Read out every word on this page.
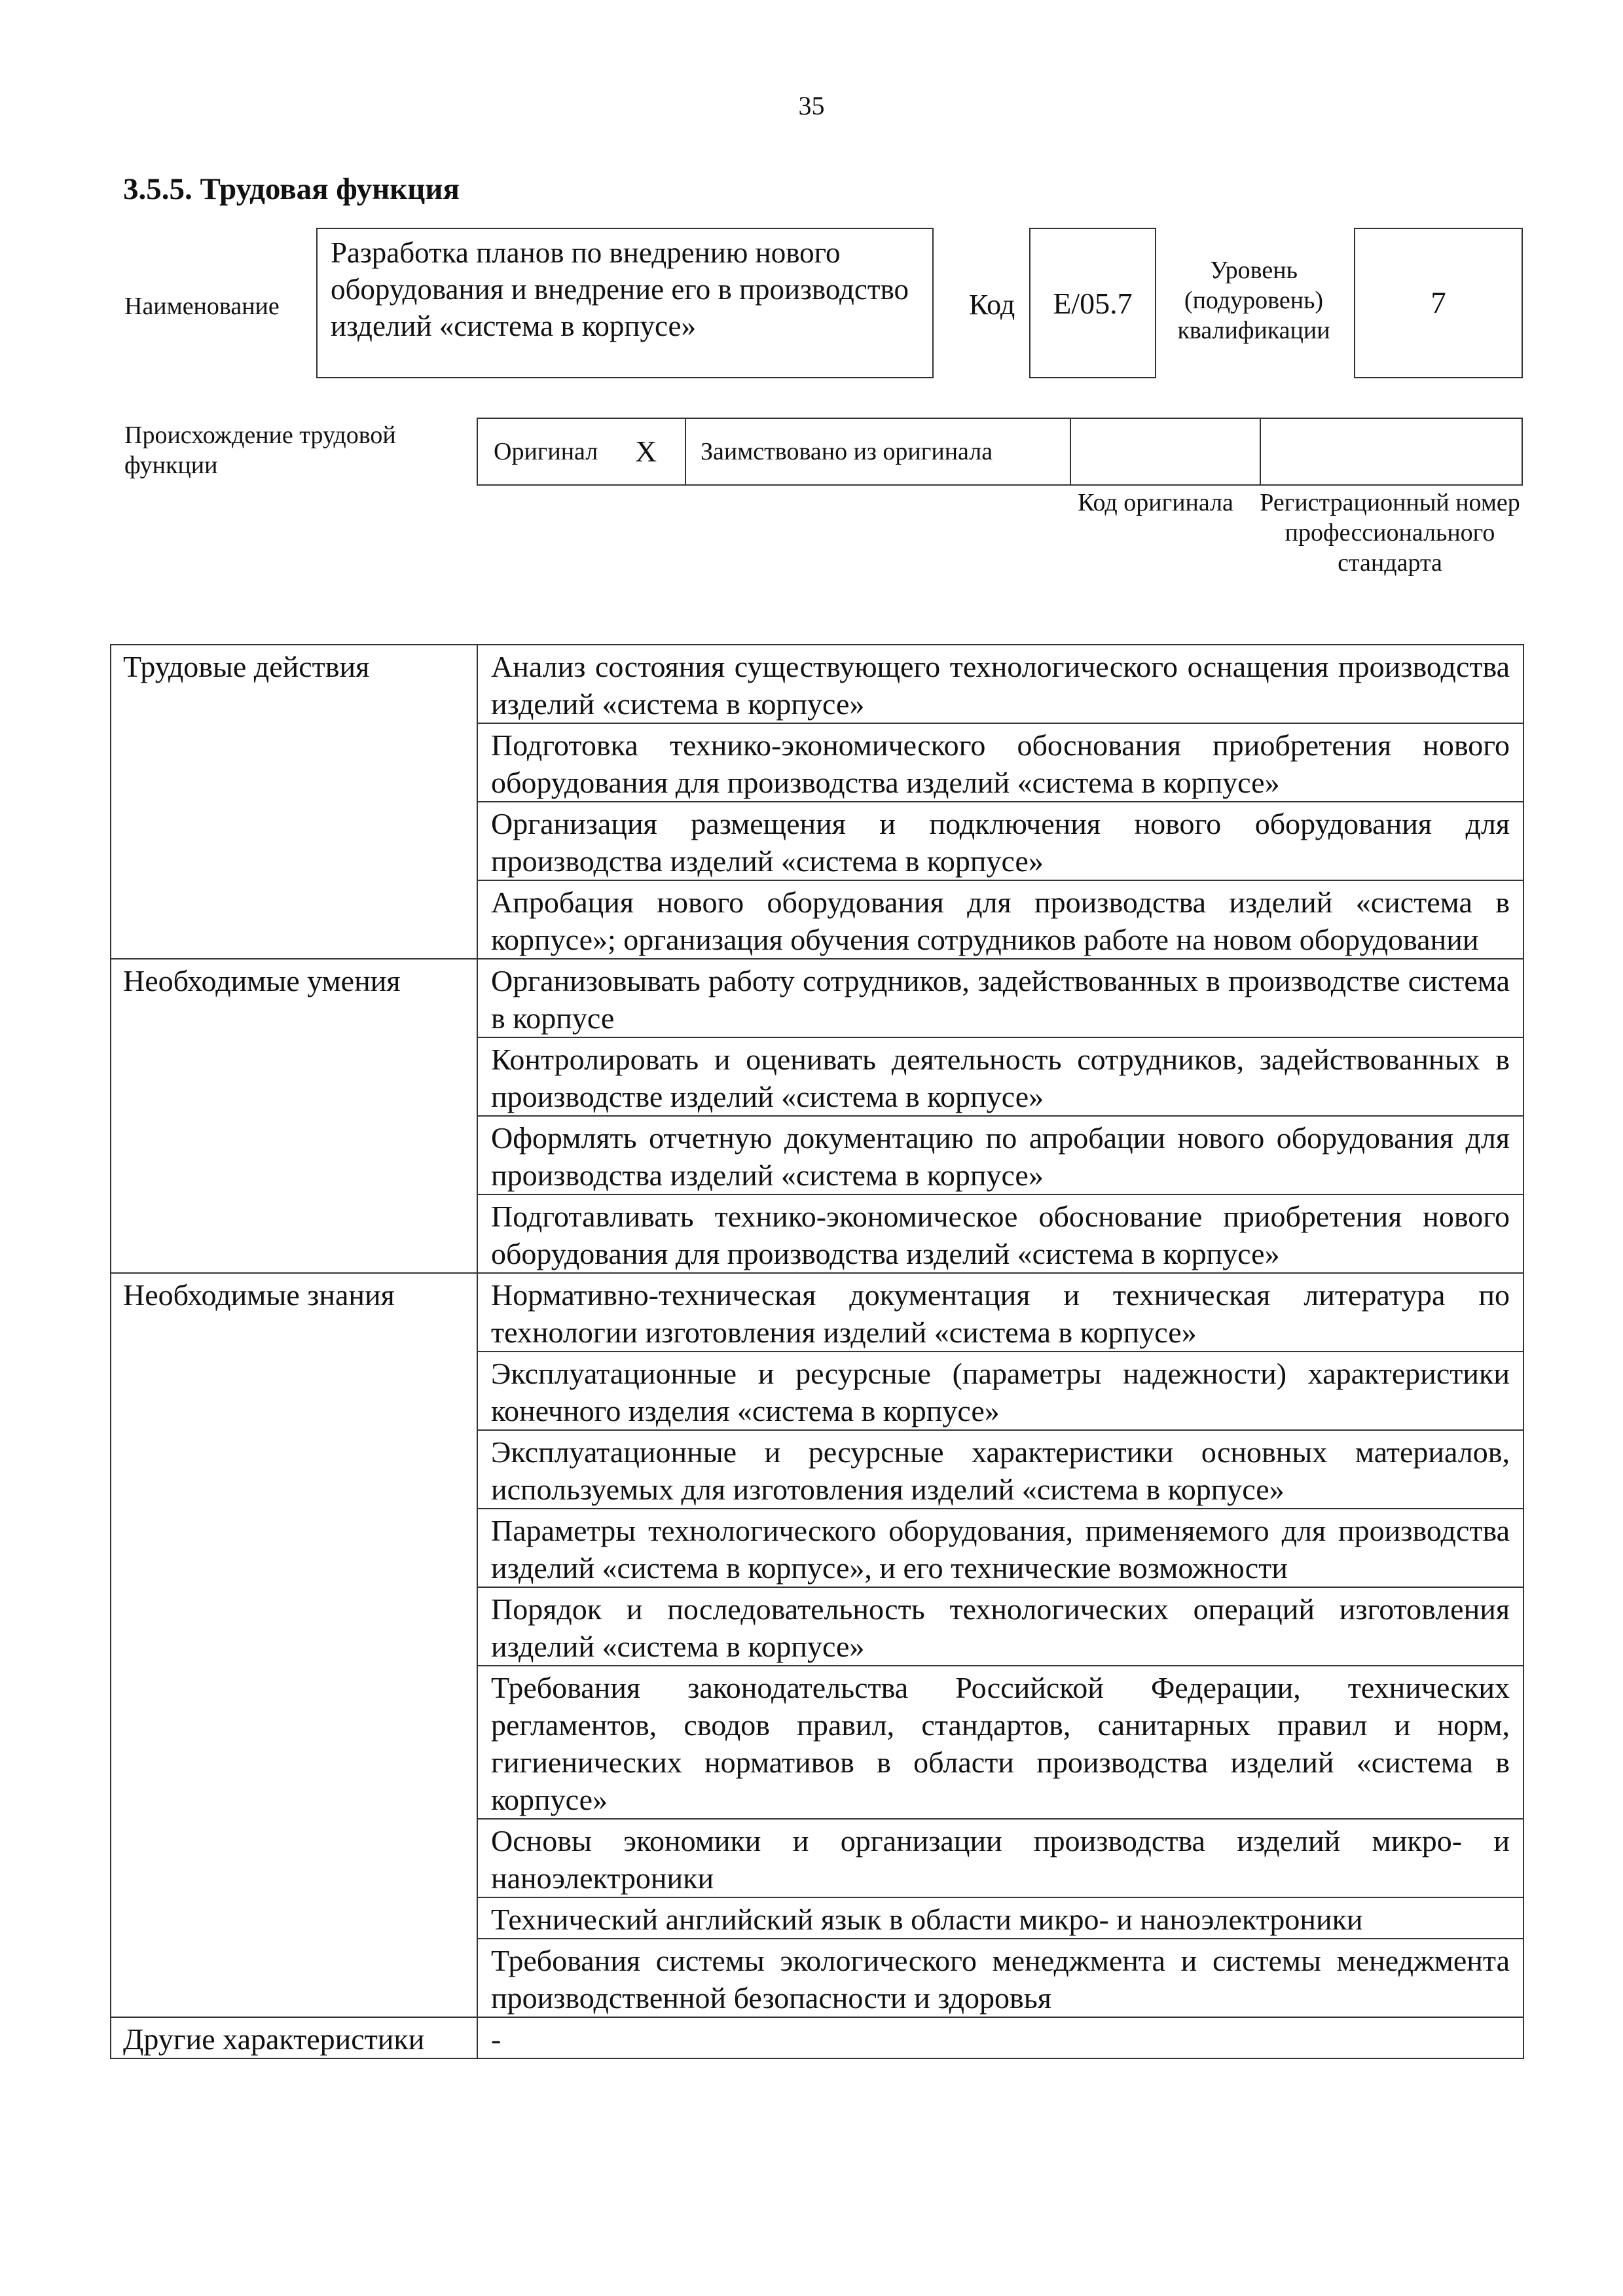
35
3.5.5. Трудовая функция
Наименование
Разработка планов по внедрению нового оборудования и внедрение его в производство изделий «система в корпусе»
Код	E/05.7
Уровень (подуровень) квалификации
7
Происхождение трудовой функции	Оригинал X Заимствовано из оригинала
Код оригинала	Регистрационный номер профессионального стандарта
Трудовые действия	Анализ состояния существующего технологического оснащения производства изделий «система в корпусе»
	Подготовка технико-экономического обоснования приобретения нового оборудования для производства изделий «система в корпусе»
	Организация размещения и подключения нового оборудования для производства изделий «система в корпусе»
	Апробация нового оборудования для производства изделий «система в корпусе»; организация обучения сотрудников работе на новом оборудовании
Необходимые умения	Организовывать работу сотрудников, задействованных в производстве система в корпусе
	Контролировать и оценивать деятельность сотрудников, задействованных в производстве изделий «система в корпусе»
	Оформлять отчетную документацию по апробации нового оборудования для производства изделий «система в корпусе»
	Подготавливать технико-экономическое обоснование приобретения нового оборудования для производства изделий «система в корпусе»
Необходимые знания	Нормативно-техническая документация и техническая литература по технологии изготовления изделий «система в корпусе»
	Эксплуатационные и ресурсные (параметры надежности) характеристики конечного изделия «система в корпусе»
	Эксплуатационные и ресурсные характеристики основных материалов, используемых для изготовления изделий «система в корпусе»
	Параметры технологического оборудования, применяемого для производства изделий «система в корпусе», и его технические возможности
	Порядок и последовательность технологических операций изготовления изделий «система в корпусе»
	Требования законодательства Российской Федерации, технических регламентов, сводов правил, стандартов, санитарных правил и норм, гигиенических нормативов в области производства изделий «система в корпусе»
	Основы экономики и организации производства изделий микро- и наноэлектроники
	Технический английский язык в области микро- и наноэлектроники
	Требования системы экологического менеджмента и системы менеджмента производственной безопасности и здоровья
Другие характеристики	-
